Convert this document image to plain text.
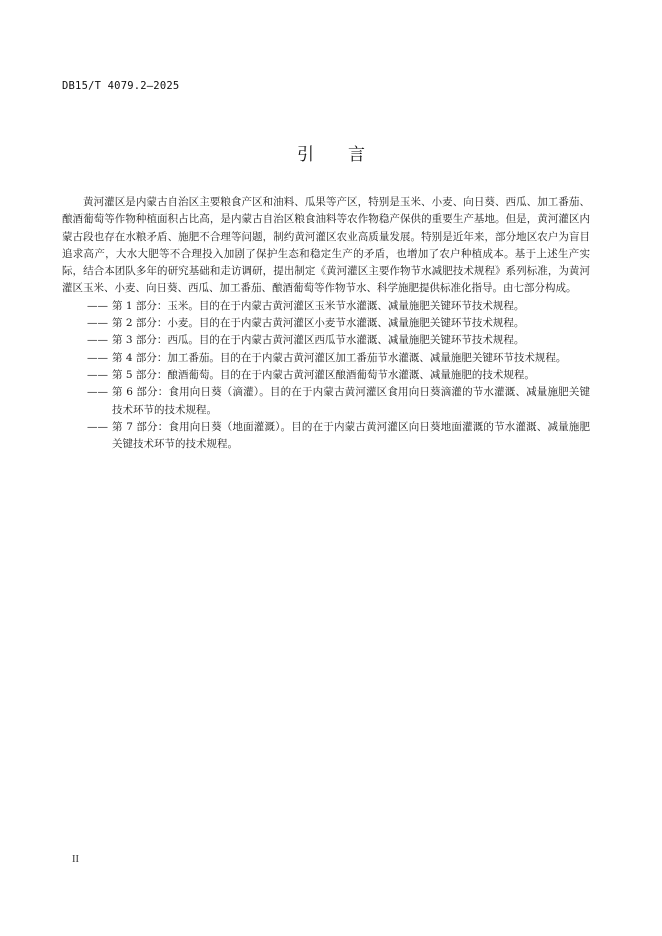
DB15/T 4079.2—2025
引 言

黄河灌区是内蒙古自治区主要粮食产区和油料、瓜果等产区，特别是玉米、小麦、向日葵、西瓜、加工番茄、酿酒葡萄等作物种植面积占比高，是内蒙古自治区粮食油料等农作物稳产保供的重要生产基地。但是，黄河灌区内蒙古段也存在水粮矛盾、施肥不合理等问题，制约黄河灌区农业高质量发展。特别是近年来，部分地区农户为盲目追求高产，大水大肥等不合理投入加剧了保护生态和稳定生产的矛盾，也增加了农户种植成本。基于上述生产实际，结合本团队多年的研究基础和走访调研，提出制定《黄河灌区主要作物节水减肥技术规程》系列标准，为黄河灌区玉米、小麦、向日葵、西瓜、加工番茄、酿酒葡萄等作物节水、科学施肥提供标准化指导。由七部分构成。

—— 第 1 部分：玉米。目的在于内蒙古黄河灌区玉米节水灌溉、减量施肥关键环节技术规程。

—— 第 2 部分：小麦。目的在于内蒙古黄河灌区小麦节水灌溉、减量施肥关键环节技术规程。

—— 第 3 部分：西瓜。目的在于内蒙古黄河灌区西瓜节水灌溉、减量施肥关键环节技术规程。

—— 第 4 部分：加工番茄。目的在于内蒙古黄河灌区加工番茄节水灌溉、减量施肥关键环节技术规程。

—— 第 5 部分：酿酒葡萄。目的在于内蒙古黄河灌区酿酒葡萄节水灌溉、减量施肥的技术规程。

—— 第 6 部分：食用向日葵（滴灌）。目的在于内蒙古黄河灌区食用向日葵滴灌的节水灌溉、减量施肥关键技术环节的技术规程。

—— 第 7 部分：食用向日葵（地面灌溉）。目的在于内蒙古黄河灌区向日葵地面灌溉的节水灌溉、减量施肥关键技术环节的技术规程。

II
